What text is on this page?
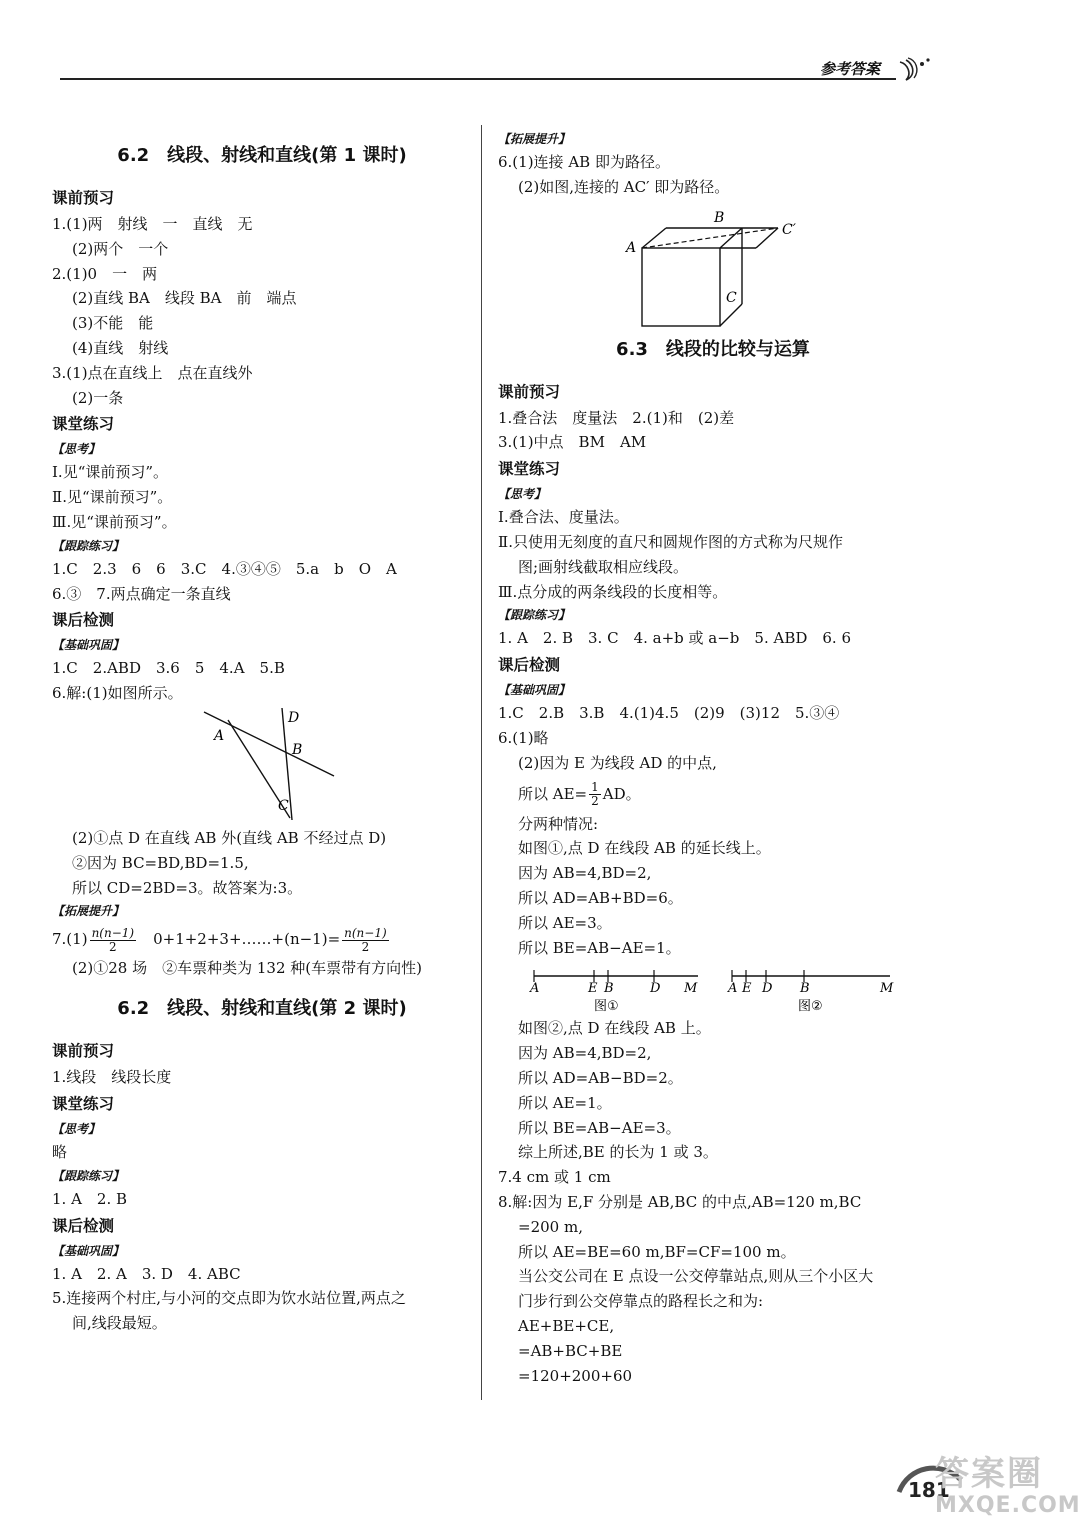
参考答案
6.2　线段、射线和直线(第 1 课时)
课前预习
1.(1)两　射线　一　直线　无
(2)两个　一个
2.(1)0　一　两
(2)直线 BA　线段 BA　前　端点
(3)不能　能
(4)直线　射线
3.(1)点在直线上　点在直线外
(2)一条
课堂练习
【思考】
Ⅰ.见“课前预习”。
Ⅱ.见“课前预习”。
Ⅲ.见“课前预习”。
【跟踪练习】
1.C　2.3　6　6　3.C　4.③④⑤　5.a　b　O　A
6.③　7.两点确定一条直线
课后检测
【基础巩固】
1.C　2.ABD　3.6　5　4.A　5.B
6.解:(1)如图所示。
A
D
B
C
(2)①点 D 在直线 AB 外(直线 AB 不经过点 D)
②因为 BC=BD,BD=1.5,
所以 CD=2BD=3。故答案为:3。
【拓展提升】
$7.(1) \frac{n(n-1)}{2}$ 　0+1+2+3+……+(n−1)= $\frac{n(n-1)}{2}$
(2)①28 场　②车票种类为 132 种(车票带有方向性)
6.2　线段、射线和直线(第 2 课时)
课前预习
1.线段　线段长度
课堂练习
【思考】
略
【跟踪练习】
1. A　2. B
课后检测
【基础巩固】
1. A　2. A　3. D　4. ABC
5.连接两个村庄,与小河的交点即为饮水站位置,两点之
间,线段最短。
【拓展提升】
6.(1)连接 AB 即为路径。
(2)如图,连接的 AC′ 即为路径。
A
B
C′
C
6.3　线段的比较与运算
课前预习
1.叠合法　度量法　2.(1)和　(2)差
3.(1)中点　BM　AM
课堂练习
【思考】
Ⅰ.叠合法、度量法。
Ⅱ.只使用无刻度的直尺和圆规作图的方式称为尺规作
图;画射线截取相应线段。
Ⅲ.点分成的两条线段的长度相等。
【跟踪练习】
1. A　2. B　3. C　4. a+b 或 a−b　5. ABD　6. 6
课后检测
【基础巩固】
1.C　2.B　3.B　4.(1)4.5　(2)9　(3)12　5.③④
6.(1)略
(2)因为 E 为线段 AD 的中点,
所以 $AE= \frac{1}{2}$ AD。
分两种情况:
如图①,点 D 在线段 AB 的延长线上。
因为 AB=4,BD=2,
所以 AD=AB+BD=6。
所以 AE=3。
所以 BE=AB−AE=1。
A	E B	D M
图①
A E D B	M
图②
如图②,点 D 在线段 AB 上。
因为 AB=4,BD=2,
所以 AD=AB−BD=2。
所以 AE=1。
所以 BE=AB−AE=3。
综上所述,BE 的长为 1 或 3。
7.4 cm 或 1 cm
8.解:因为 E,F 分别是 AB,BC 的中点,AB=120 m,BC
=200 m,
所以 AE=BE=60 m,BF=CF=100 m。
当公交公司在 E 点设一公交停靠站点,则从三个小区大
门步行到公交停靠点的路程长之和为:
AE+BE+CE,
=AB+BC+BE
=120+200+60
181
答案圈
MXQE.COM
